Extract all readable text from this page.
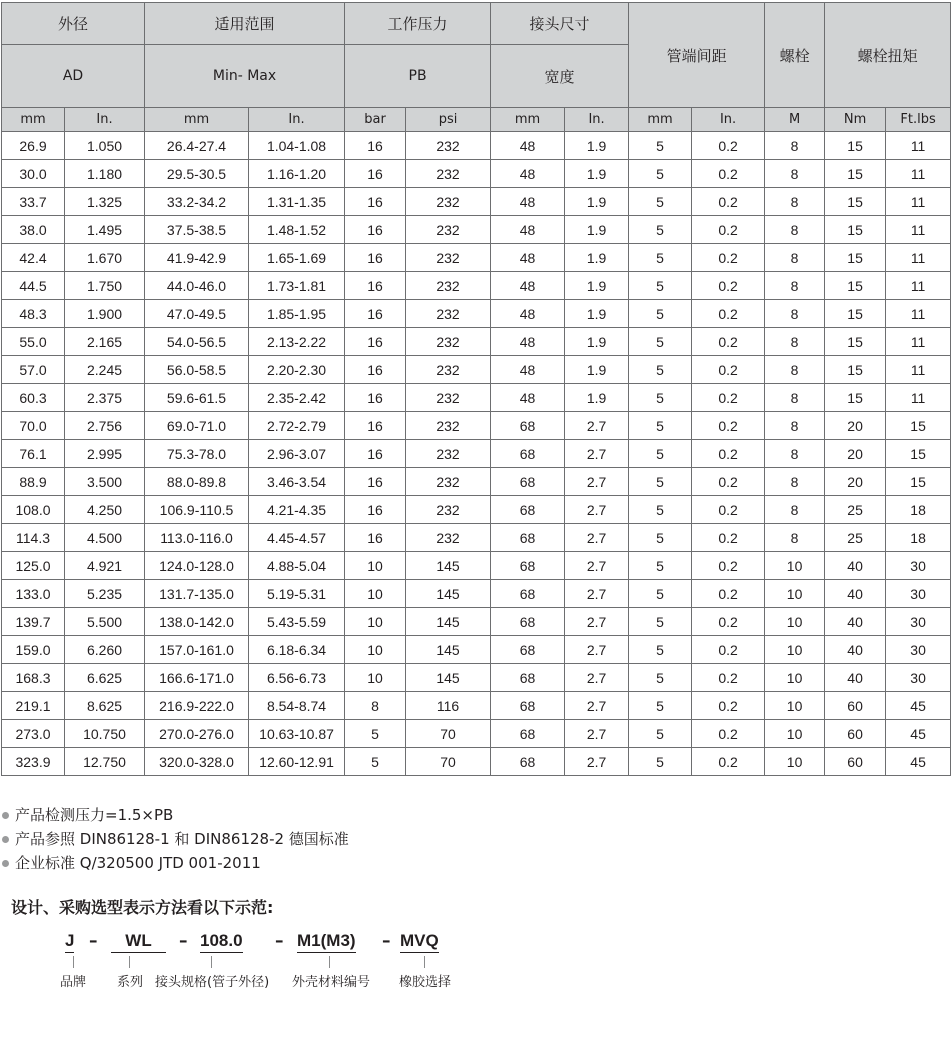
外径		适用范围		工作压力		接头尺寸		管端间距		螺栓	螺栓扭矩	
AD		Min- Max		PB		宽度						
mm	In.	mm	In.	bar	psi	mm	In.	mm	In.	M	Nm	Ft.lbs
26.9	1.050	26.4-27.4	1.04-1.08	16	232	48	1.9	5	0.2	8	15	11
30.0	1.180	29.5-30.5	1.16-1.20	16	232	48	1.9	5	0.2	8	15	11
33.7	1.325	33.2-34.2	1.31-1.35	16	232	48	1.9	5	0.2	8	15	11
38.0	1.495	37.5-38.5	1.48-1.52	16	232	48	1.9	5	0.2	8	15	11
42.4	1.670	41.9-42.9	1.65-1.69	16	232	48	1.9	5	0.2	8	15	11
44.5	1.750	44.0-46.0	1.73-1.81	16	232	48	1.9	5	0.2	8	15	11
48.3	1.900	47.0-49.5	1.85-1.95	16	232	48	1.9	5	0.2	8	15	11
55.0	2.165	54.0-56.5	2.13-2.22	16	232	48	1.9	5	0.2	8	15	11
57.0	2.245	56.0-58.5	2.20-2.30	16	232	48	1.9	5	0.2	8	15	11
60.3	2.375	59.6-61.5	2.35-2.42	16	232	48	1.9	5	0.2	8	15	11
70.0	2.756	69.0-71.0	2.72-2.79	16	232	68	2.7	5	0.2	8	20	15
76.1	2.995	75.3-78.0	2.96-3.07	16	232	68	2.7	5	0.2	8	20	15
88.9	3.500	88.0-89.8	3.46-3.54	16	232	68	2.7	5	0.2	8	20	15
108.0	4.250	106.9-110.5	4.21-4.35	16	232	68	2.7	5	0.2	8	25	18
114.3	4.500	113.0-116.0	4.45-4.57	16	232	68	2.7	5	0.2	8	25	18
125.0	4.921	124.0-128.0	4.88-5.04	10	145	68	2.7	5	0.2	10	40	30
133.0	5.235	131.7-135.0	5.19-5.31	10	145	68	2.7	5	0.2	10	40	30
139.7	5.500	138.0-142.0	5.43-5.59	10	145	68	2.7	5	0.2	10	40	30
159.0	6.260	157.0-161.0	6.18-6.34	10	145	68	2.7	5	0.2	10	40	30
168.3	6.625	166.6-171.0	6.56-6.73	10	145	68	2.7	5	0.2	10	40	30
219.1	8.625	216.9-222.0	8.54-8.74	8	116	68	2.7	5	0.2	10	60	45
273.0	10.750	270.0-276.0	10.63-10.87	5	70	68	2.7	5	0.2	10	60	45
323.9	12.750	320.0-328.0	12.60-12.91	5	70	68	2.7	5	0.2	10	60	45
产品检测压力=1.5×PB
产品参照 DIN86128-1 和 DIN86128-2 德国标准
企业标准 Q/320500 JTD 001-2011
设计、采购选型表示方法看以下示范:
J –	WL	– 108.0 – M1(M3) – MVQ
品牌 系列 接头规格(管子外径) 外壳材料编号 橡胶选择
